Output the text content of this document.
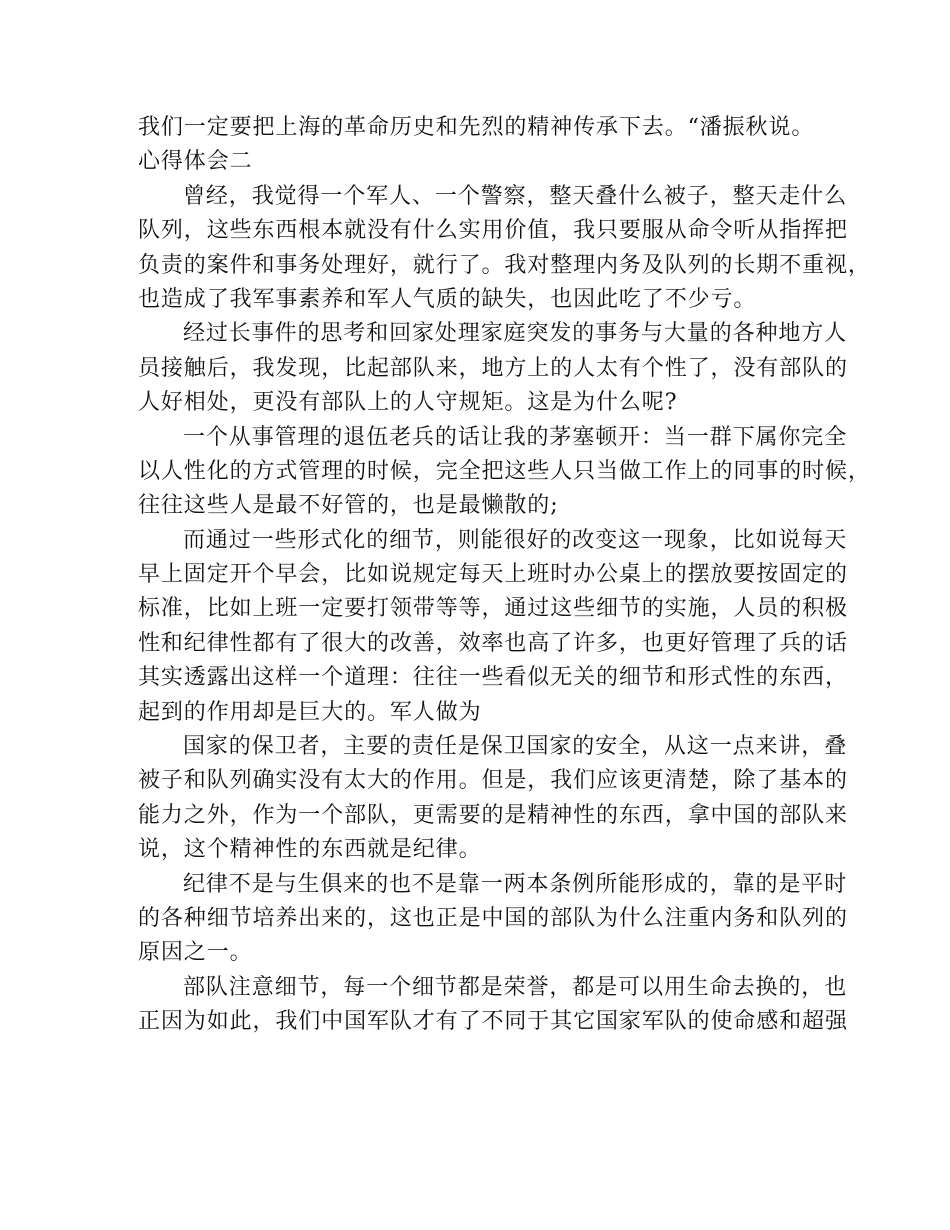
我们一定要把上海的革命历史和先烈的精神传承下去。“潘振秋说。
心得体会二
曾经，我觉得一个军人、一个警察，整天叠什么被子，整天走什么
队列，这些东西根本就没有什么实用价值，我只要服从命令听从指挥把
负责的案件和事务处理好，就行了。我对整理内务及队列的长期不重视，
也造成了我军事素养和军人气质的缺失，也因此吃了不少亏。
经过长事件的思考和回家处理家庭突发的事务与大量的各种地方人
员接触后，我发现，比起部队来，地方上的人太有个性了，没有部队的
人好相处，更没有部队上的人守规矩。这是为什么呢?
一个从事管理的退伍老兵的话让我的茅塞顿开：当一群下属你完全
以人性化的方式管理的时候，完全把这些人只当做工作上的同事的时候，
往往这些人是最不好管的，也是最懒散的;
而通过一些形式化的细节，则能很好的改变这一现象，比如说每天
早上固定开个早会，比如说规定每天上班时办公桌上的摆放要按固定的
标准，比如上班一定要打领带等等，通过这些细节的实施，人员的积极
性和纪律性都有了很大的改善，效率也高了许多，也更好管理了兵的话
其实透露出这样一个道理：往往一些看似无关的细节和形式性的东西，
起到的作用却是巨大的。军人做为
国家的保卫者，主要的责任是保卫国家的安全，从这一点来讲，叠
被子和队列确实没有太大的作用。但是，我们应该更清楚，除了基本的
能力之外，作为一个部队，更需要的是精神性的东西，拿中国的部队来
说，这个精神性的东西就是纪律。
纪律不是与生俱来的也不是靠一两本条例所能形成的，靠的是平时
的各种细节培养出来的，这也正是中国的部队为什么注重内务和队列的
原因之一。
部队注意细节，每一个细节都是荣誉，都是可以用生命去换的，也
正因为如此，我们中国军队才有了不同于其它国家军队的使命感和超强
